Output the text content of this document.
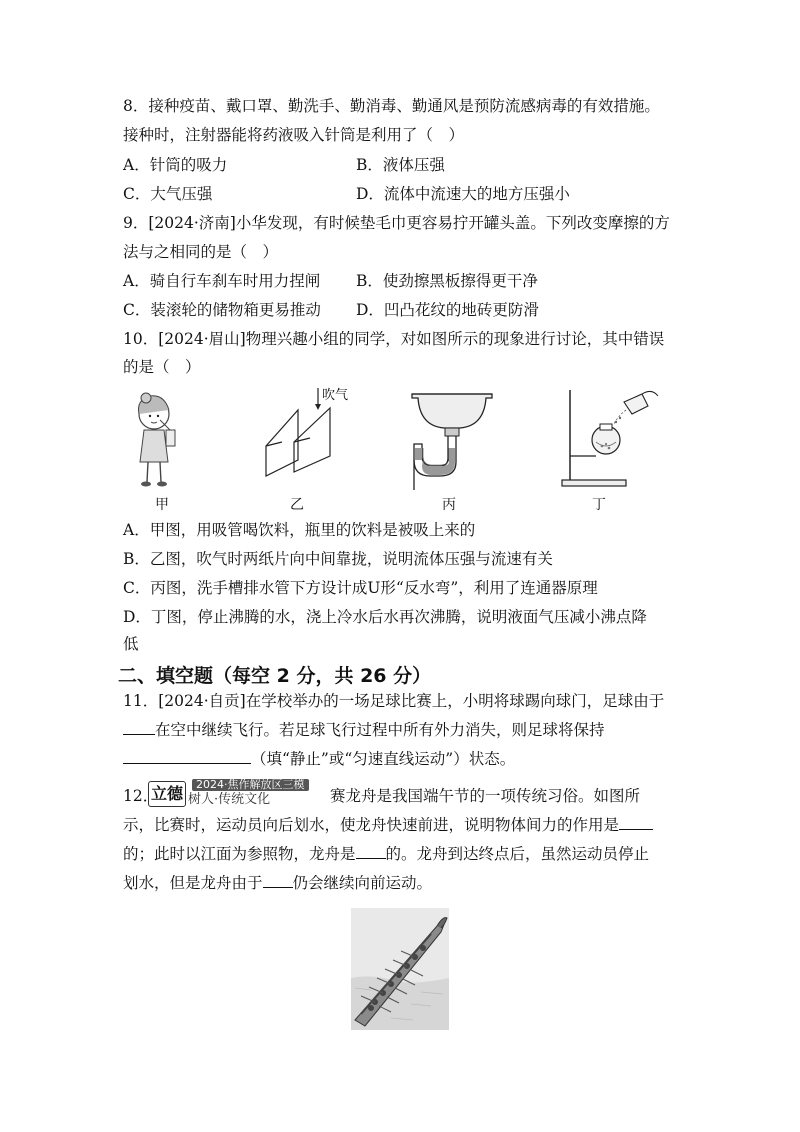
8．接种疫苗、戴口罩、勤洗手、勤消毒、勤通风是预防流感病毒的有效措施。
接种时，注射器能将药液吸入针筒是利用了（　）
A．针筒的吸力	B．液体压强
C．大气压强	D．流体中流速大的地方压强小
9．[2024·济南]小华发现，有时候垫毛巾更容易拧开罐头盖。下列改变摩擦的方
法与之相同的是（　）
A．骑自行车刹车时用力捏闸 B．使劲擦黑板擦得更干净
C．装滚轮的储物箱更易推动 D．凹凸花纹的地砖更防滑
10．[2024·眉山]物理兴趣小组的同学，对如图所示的现象进行讨论，其中错误
的是（　）
甲
吹气
乙	丙	丁
A．甲图，用吸管喝饮料，瓶里的饮料是被吸上来的
B．乙图，吹气时两纸片向中间靠拢，说明流体压强与流速有关
C．丙图，洗手槽排水管下方设计成U形“反水弯”，利用了连通器原理
D．丁图，停止沸腾的水，浇上冷水后水再次沸腾，说明液面气压减小沸点降
低
二、填空题（每空 2 分，共 26 分）
11．[2024·自贡]在学校举办的一场足球比赛上，小明将球踢向球门，足球由于
在空中继续飞行。若足球飞行过程中所有外力消失，则足球将保持
（填“静止”或“匀速直线运动”）状态。
12．
立德	2024·焦作解放区三模
树人·传统文化	赛龙舟是我国端午节的一项传统习俗。如图所
示，比赛时，运动员向后划水，使龙舟快速前进，说明物体间力的作用是
的；此时以江面为参照物，龙舟是 的。龙舟到达终点后，虽然运动员停止
划水，但是龙舟由于 仍会继续向前运动。
